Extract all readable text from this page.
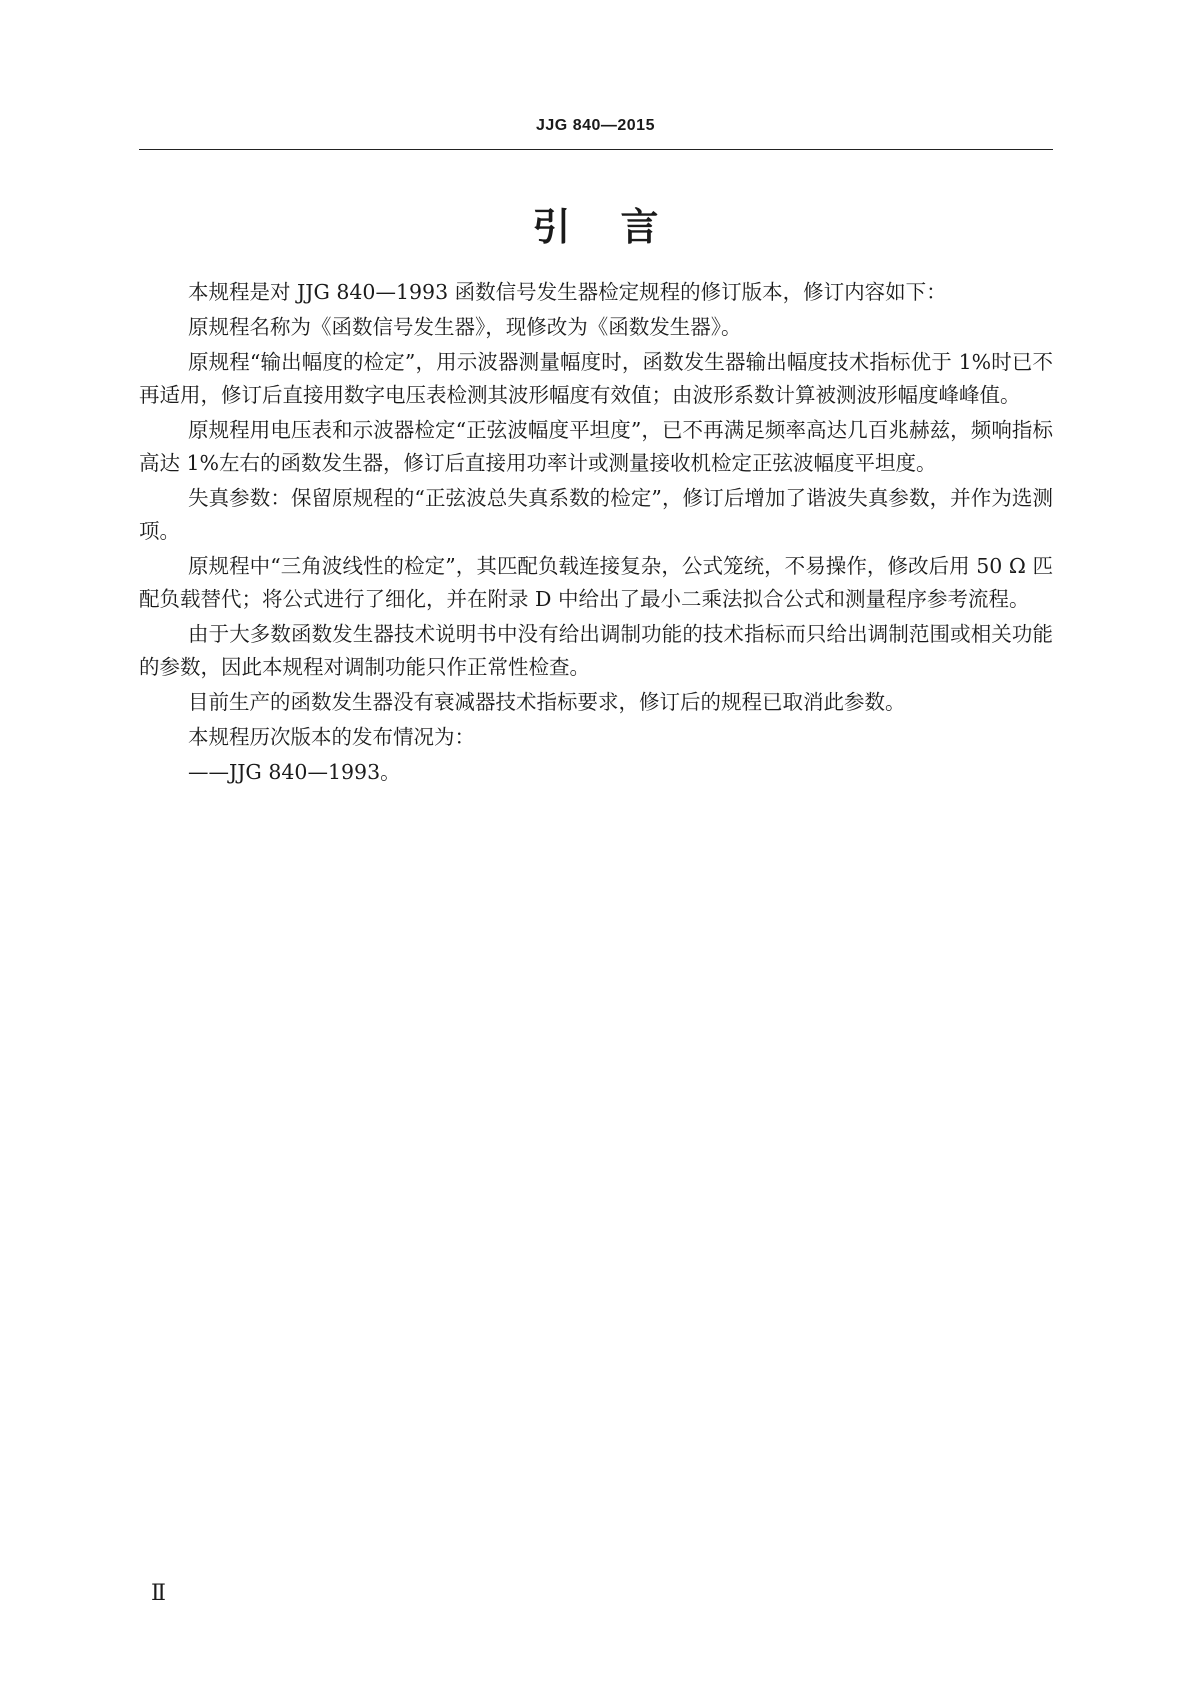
JJG 840—2015
引言

本规程是对 JJG 840—1993 函数信号发生器检定规程的修订版本，修订内容如下：

原规程名称为《函数信号发生器》，现修改为《函数发生器》。

原规程“输出幅度的检定”，用示波器测量幅度时，函数发生器输出幅度技术指标优于 1%时已不再适用，修订后直接用数字电压表检测其波形幅度有效值；由波形系数计算被测波形幅度峰峰值。

原规程用电压表和示波器检定“正弦波幅度平坦度”，已不再满足频率高达几百兆赫兹，频响指标高达 1%左右的函数发生器，修订后直接用功率计或测量接收机检定正弦波幅度平坦度。

失真参数：保留原规程的“正弦波总失真系数的检定”，修订后增加了谐波失真参数，并作为选测项。

原规程中“三角波线性的检定”，其匹配负载连接复杂，公式笼统，不易操作，修改后用 50 Ω 匹配负载替代；将公式进行了细化，并在附录 D 中给出了最小二乘法拟合公式和测量程序参考流程。

由于大多数函数发生器技术说明书中没有给出调制功能的技术指标而只给出调制范围或相关功能的参数，因此本规程对调制功能只作正常性检查。

目前生产的函数发生器没有衰减器技术指标要求，修订后的规程已取消此参数。

本规程历次版本的发布情况为：

——JJG 840—1993。

Ⅱ
